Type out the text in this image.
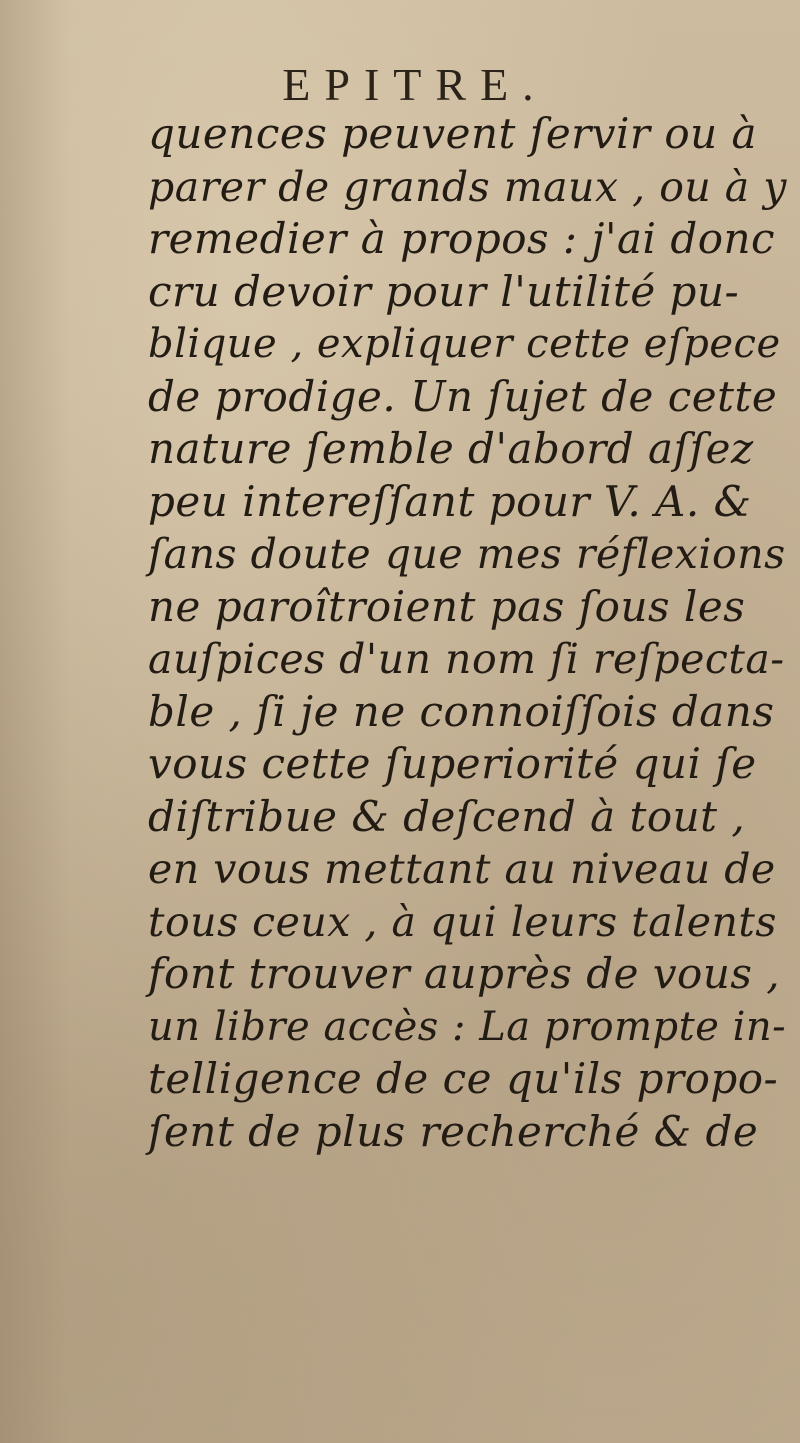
EPITRE.
quences peuvent ſervir ou à
parer de grands maux , ou à y
remedier à propos : j'ai donc
cru devoir pour l'utilité pu-
blique , expliquer cette eſpece
de prodige. Un ſujet de cette
nature ſemble d'abord aſſez
peu intereſſant pour V. A. &
ſans doute que mes réflexions
ne paroîtroient pas ſous les
auſpices d'un nom ſi reſpecta-
ble , ſi je ne connoiſſois dans
vous cette ſuperiorité qui ſe
diſtribue & deſcend à tout ,
en vous mettant au niveau de
tous ceux , à qui leurs talents
font trouver auprès de vous ,
un libre accès : La prompte in-
telligence de ce qu'ils propo-
ſent de plus recherché & de
